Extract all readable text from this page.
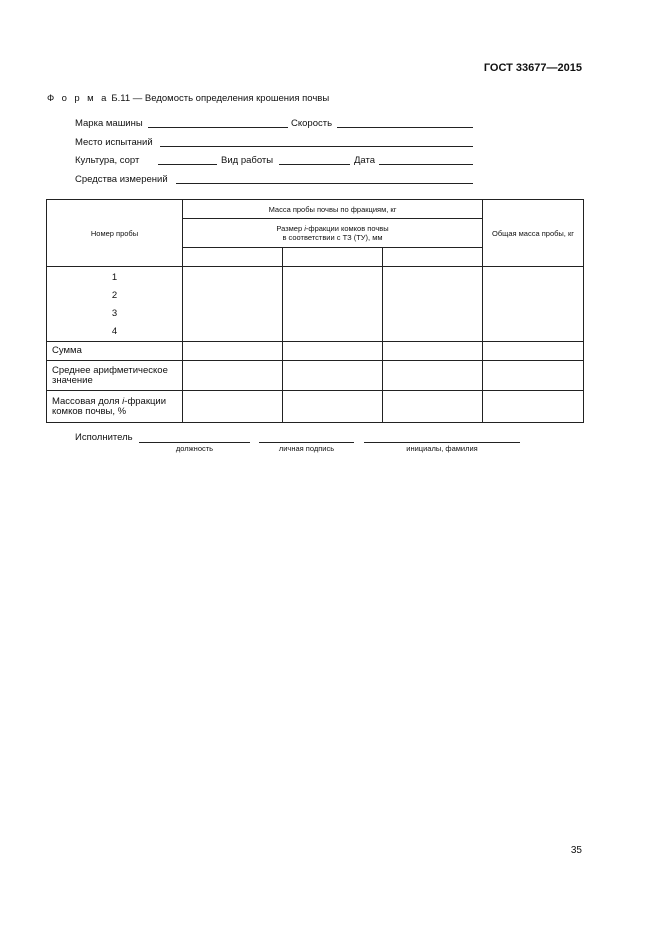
ГОСТ 33677—2015
Ф о р м а Б.11 — Ведомость определения крошения почвы
Марка машины	Скорость
Место испытаний
Культура, сорт	Вид работы	Дата
Средства измерений
Номер пробы	Масса пробы почвы по фракциям, кг			Общая масса пробы, кг

	Размер i-фракции комков почвы
в соответствии с ТЗ (ТУ), мм			

1
2
3
4				

Сумма				
Среднее арифметическое значение				
Массовая доля i-фракции комков почвы, %				
Исполнитель
должность	личная подпись	инициалы, фамилия
35
